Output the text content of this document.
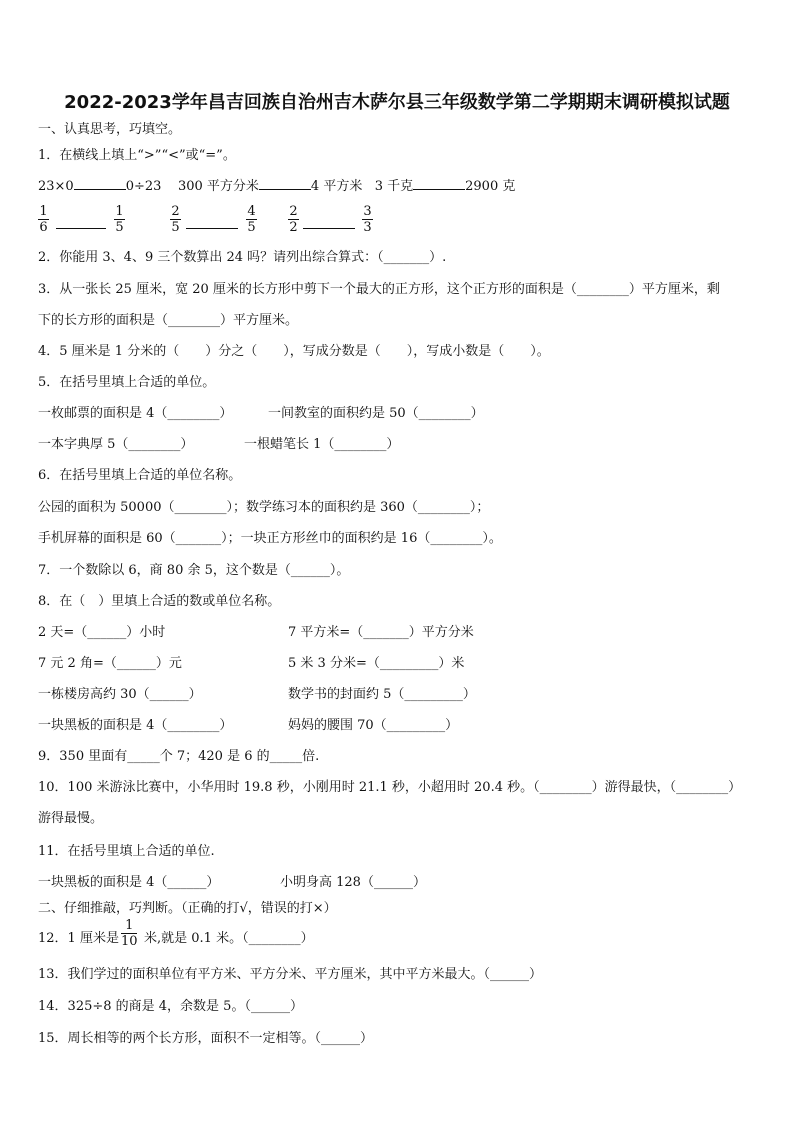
2022-2023学年昌吉回族自治州吉木萨尔县三年级数学第二学期期末调研模拟试题
一、认真思考，巧填空。
1．在横线上填上“>”“<”或“=”。
23×0	0÷23 300 平方分米	4 平方米 3 千克	2900 克
1
6
1
5
2
5
4
5
2
2
3
3
2．你能用 3、4、9 三个数算出 24 吗？请列出综合算式：（_______）.
3．从一张长 25 厘米，宽 20 厘米的长方形中剪下一个最大的正方形，这个正方形的面积是（________）平方厘米，剩
下的长方形的面积是（________）平方厘米。
4．5 厘米是 1 分米的（　　）分之（　　），写成分数是（　　），写成小数是（　　）。
5．在括号里填上合适的单位。
一枚邮票的面积是 4（________）	一间教室的面积约是 50（________）
一本字典厚 5（________）	一根蜡笔长 1（________）
6．在括号里填上合适的单位名称。
公园的面积为 50000（________）；数学练习本的面积约是 360（________）；
手机屏幕的面积是 60（_______）；一块正方形丝巾的面积约是 16（________）。
7．一个数除以 6，商 80 余 5，这个数是（______）。
8．在（　）里填上合适的数或单位名称。
2 天=（______）小时	7 平方米=（_______）平方分米
7 元 2 角=（______）元	5 米 3 分米=（_________）米
一栋楼房高约 30（______）	数学书的封面约 5（_________）
一块黑板的面积是 4（________）	妈妈的腰围 70（_________）
9．350 里面有_____个 7；420 是 6 的_____倍.
10．100 米游泳比赛中，小华用时 19.8 秒，小刚用时 21.1 秒，小超用时 20.4 秒。（________）游得最快，（________）
游得最慢。
11．在括号里填上合适的单位.
一块黑板的面积是 4（______）	小明身高 128（______）
二、仔细推敲，巧判断。（正确的打√，错误的打×）
12．1 厘米是
1
10 米,就是 0.1 米。（________）
13．我们学过的面积单位有平方米、平方分米、平方厘米，其中平方米最大。（______）
14．325÷8 的商是 4，余数是 5。（______）
15．周长相等的两个长方形，面积不一定相等。（______）
